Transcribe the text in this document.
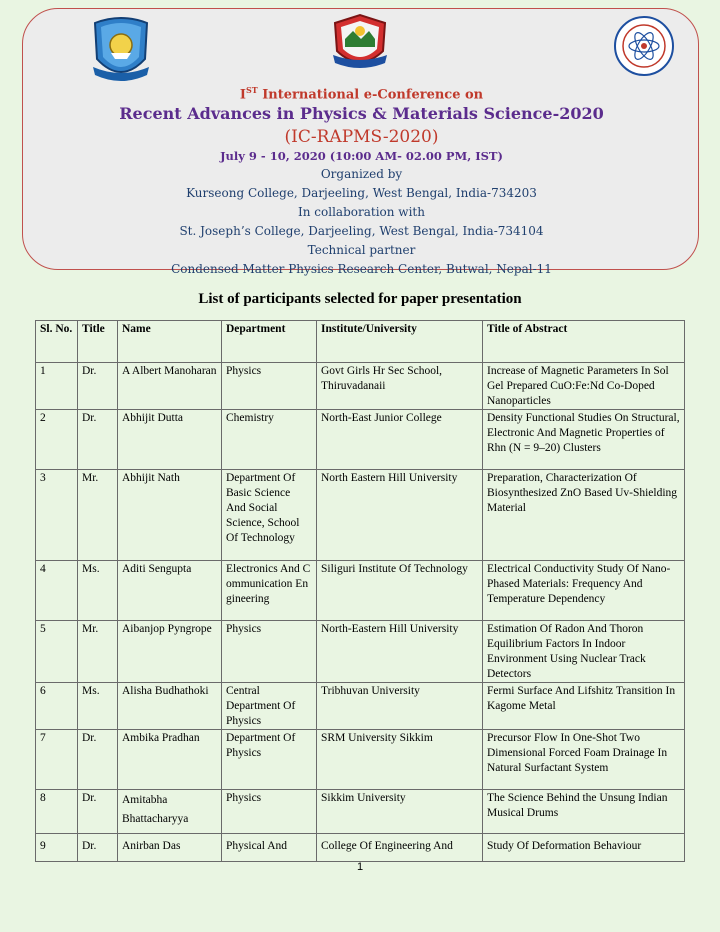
IST International e-Conference on
Recent Advances in Physics & Materials Science-2020
(IC-RAPMS-2020)
July 9 - 10, 2020 (10:00 AM- 02.00 PM, IST)
Organized by
Kurseong College, Darjeeling, West Bengal, India-734203
In collaboration with
St. Joseph’s College, Darjeeling, West Bengal, India-734104
Technical partner
Condensed Matter Physics Research Center, Butwal, Nepal-11
List of participants selected for paper presentation
Sl. No.	Title	Name	Department	Institute/University	Title of Abstract
1	Dr.	A Albert Manoharan	Physics	Govt Girls Hr Sec School, Thiruvadanaii	Increase of Magnetic Parameters In Sol Gel Prepared CuO:Fe:Nd Co-Doped Nanoparticles
2	Dr.	Abhijit Dutta	Chemistry	North-East Junior College	Density Functional Studies On Structural, Electronic And Magnetic Properties of Rhn (N = 9–20) Clusters
3	Mr.	Abhijit Nath	Department Of Basic Science And Social Science, School Of Technology	North Eastern Hill University	Preparation, Characterization Of Biosynthesized ZnO Based Uv-Shielding Material
4	Ms.	Aditi Sengupta	Electronics And Communication Engineering	Siliguri Institute Of Technology	Electrical Conductivity Study Of Nano-Phased Materials: Frequency And Temperature Dependency
5	Mr.	Aibanjop Pyngrope	Physics	North-Eastern Hill University	Estimation Of Radon And Thoron Equilibrium Factors In Indoor Environment Using Nuclear Track Detectors
6	Ms.	Alisha Budhathoki	Central Department Of Physics	Tribhuvan University	Fermi Surface And Lifshitz Transition In Kagome Metal
7	Dr.	Ambika Pradhan	Department Of Physics	SRM University Sikkim	Precursor Flow In One-Shot Two Dimensional Forced Foam Drainage In Natural Surfactant System
8	Dr.	Amitabha Bhattacharyya	Physics	Sikkim University	The Science Behind the Unsung Indian Musical Drums
9	Dr.	Anirban Das	Physical And	College Of Engineering And	Study Of Deformation Behaviour
1
